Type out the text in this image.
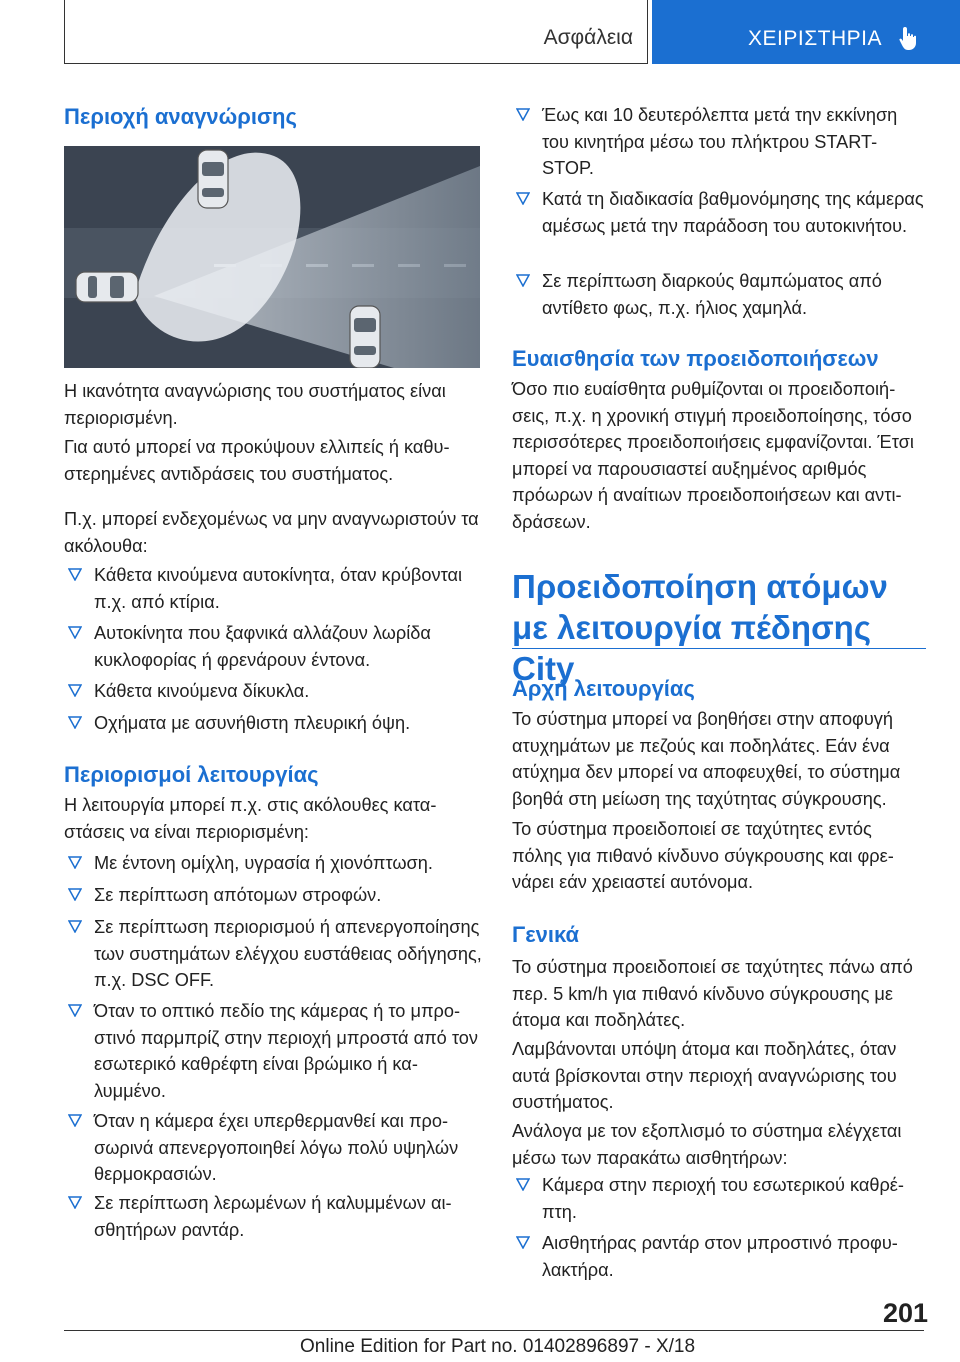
Ασφάλεια	ΧΕΙΡΙΣΤΗΡΙΑ
Περιοχή αναγνώρισης

Η ικανότητα αναγνώρισης του συστήματος είναι περιορισμένη.

Για αυτό μπορεί να προκύψουν ελλιπείς ή καθυστερημένες αντιδράσεις του συστήματος.

Π.χ. μπορεί ενδεχομένως να μην αναγνωριστούν τα ακόλουθα:

Κάθετα κινούμενα αυτοκίνητα, όταν κρύβονται π.χ. από κτίρια.
Αυτοκίνητα που ξαφνικά αλλάζουν λωρίδα κυκλοφορίας ή φρενάρουν έντονα.
Κάθετα κινούμενα δίκυκλα.
Οχήματα με ασυνήθιστη πλευρική όψη.
Περιορισμοί λειτουργίας

Η λειτουργία μπορεί π.χ. στις ακόλουθες καταστάσεις να είναι περιορισμένη:

Με έντονη ομίχλη, υγρασία ή χιονόπτωση.
Σε περίπτωση απότομων στροφών.
Σε περίπτωση περιορισμού ή απενεργοποίησης των συστημάτων ελέγχου ευστάθειας οδήγησης, π.χ. DSC OFF.
Όταν το οπτικό πεδίο της κάμερας ή το μπροστινό παρμπρίζ στην περιοχή μπροστά από τον εσωτερικό καθρέφτη είναι βρώμικο ή καλυμμένο.
Όταν η κάμερα έχει υπερθερμανθεί και προσωρινά απενεργοποιηθεί λόγω πολύ υψηλών θερμοκρασιών.
Σε περίπτωση λερωμένων ή καλυμμένων αισθητήρων ραντάρ.
Έως και 10 δευτερόλεπτα μετά την εκκίνηση του κινητήρα μέσω του πλήκτρου START-STOP.
Κατά τη διαδικασία βαθμονόμησης της κάμερας αμέσως μετά την παράδοση του αυτοκινήτου.
Σε περίπτωση διαρκούς θαμπώματος από αντίθετο φως, π.χ. ήλιος χαμηλά.
Ευαισθησία των προειδοποιήσεων

Όσο πιο ευαίσθητα ρυθμίζονται οι προειδοποιήσεις, π.χ. η χρονική στιγμή προειδοποίησης, τόσο περισσότερες προειδοποιήσεις εμφανίζονται. Έτσι μπορεί να παρουσιαστεί αυξημένος αριθμός πρόωρων ή αναίτιων προειδοποιήσεων και αντιδράσεων.

Προειδοποίηση ατόμων με λειτουργία πέδησης City
Αρχή λειτουργίας

Το σύστημα μπορεί να βοηθήσει στην αποφυγή ατυχημάτων με πεζούς και ποδηλάτες. Εάν ένα ατύχημα δεν μπορεί να αποφευχθεί, το σύστημα βοηθά στη μείωση της ταχύτητας σύγκρουσης.

Το σύστημα προειδοποιεί σε ταχύτητες εντός πόλης για πιθανό κίνδυνο σύγκρουσης και φρενάρει εάν χρειαστεί αυτόνομα.

Γενικά

Το σύστημα προειδοποιεί σε ταχύτητες πάνω από περ. 5 km/h για πιθανό κίνδυνο σύγκρουσης με άτομα και ποδηλάτες.

Λαμβάνονται υπόψη άτομα και ποδηλάτες, όταν αυτά βρίσκονται στην περιοχή αναγνώρισης του συστήματος.

Ανάλογα με τον εξοπλισμό το σύστημα ελέγχεται μέσω των παρακάτω αισθητήρων:

Κάμερα στην περιοχή του εσωτερικού καθρέπτη.
Αισθητήρας ραντάρ στον μπροστινό προφυλακτήρα.
201
Online Edition for Part no. 01402896897 - X/18
